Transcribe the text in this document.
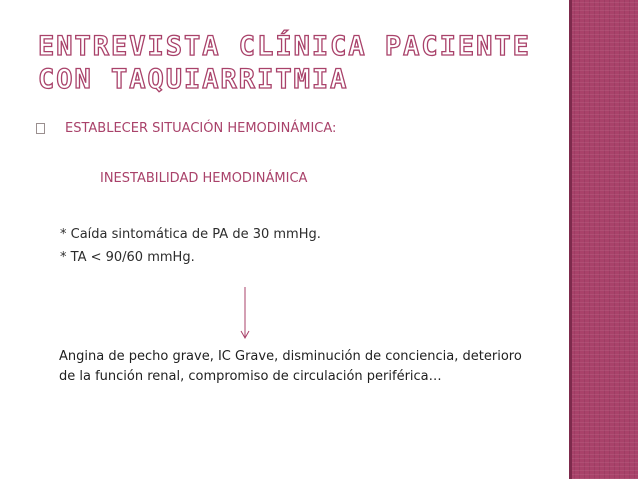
ENTREVISTA CLÍNICA PACIENTE CON TAQUIARRITMIA
ESTABLECER SITUACIÓN HEMODINÁMICA:
INESTABILIDAD HEMODINÁMICA
* Caída sintomática de PA de 30 mmHg.
* TA < 90/60 mmHg.

Angina de pecho grave, IC Grave, disminución de conciencia, deterioro de la función renal, compromiso de circulación periférica…
